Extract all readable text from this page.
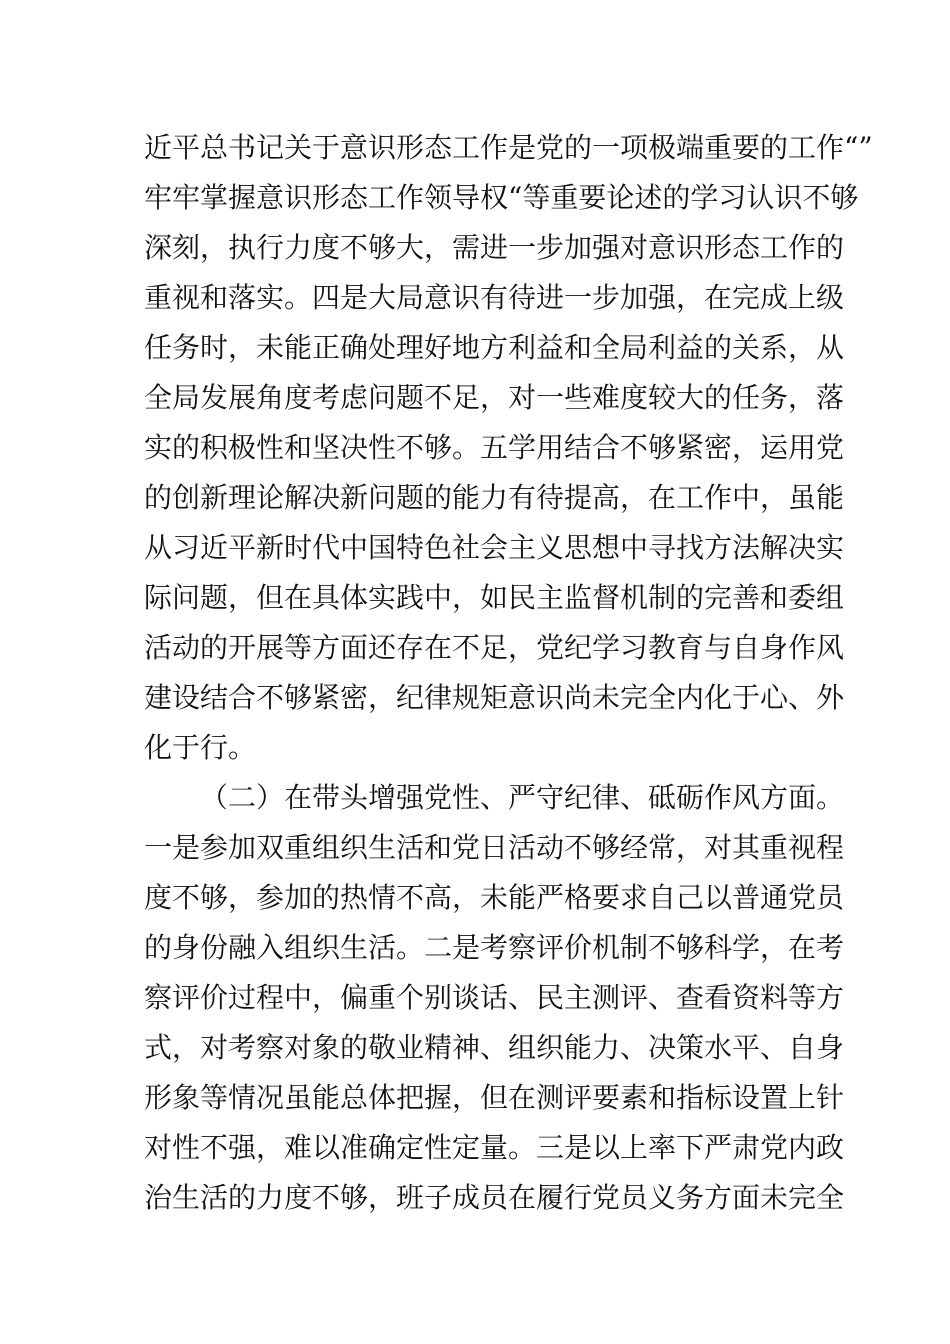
近平总书记关于意识形态工作是党的一项极端重要的工作“”
牢牢掌握意识形态工作领导权“等重要论述的学习认识不够
深刻，执行力度不够大，需进一步加强对意识形态工作的
重视和落实。四是大局意识有待进一步加强，在完成上级
任务时，未能正确处理好地方利益和全局利益的关系，从
全局发展角度考虑问题不足，对一些难度较大的任务，落
实的积极性和坚决性不够。五学用结合不够紧密，运用党
的创新理论解决新问题的能力有待提高，在工作中，虽能
从习近平新时代中国特色社会主义思想中寻找方法解决实
际问题，但在具体实践中，如民主监督机制的完善和委组
活动的开展等方面还存在不足，党纪学习教育与自身作风
建设结合不够紧密，纪律规矩意识尚未完全内化于心、外
化于行。
（二）在带头增强党性、严守纪律、砥砺作风方面。
一是参加双重组织生活和党日活动不够经常，对其重视程
度不够，参加的热情不高，未能严格要求自己以普通党员
的身份融入组织生活。二是考察评价机制不够科学，在考
察评价过程中，偏重个别谈话、民主测评、查看资料等方
式，对考察对象的敬业精神、组织能力、决策水平、自身
形象等情况虽能总体把握，但在测评要素和指标设置上针
对性不强，难以准确定性定量。三是以上率下严肃党内政
治生活的力度不够，班子成员在履行党员义务方面未完全
